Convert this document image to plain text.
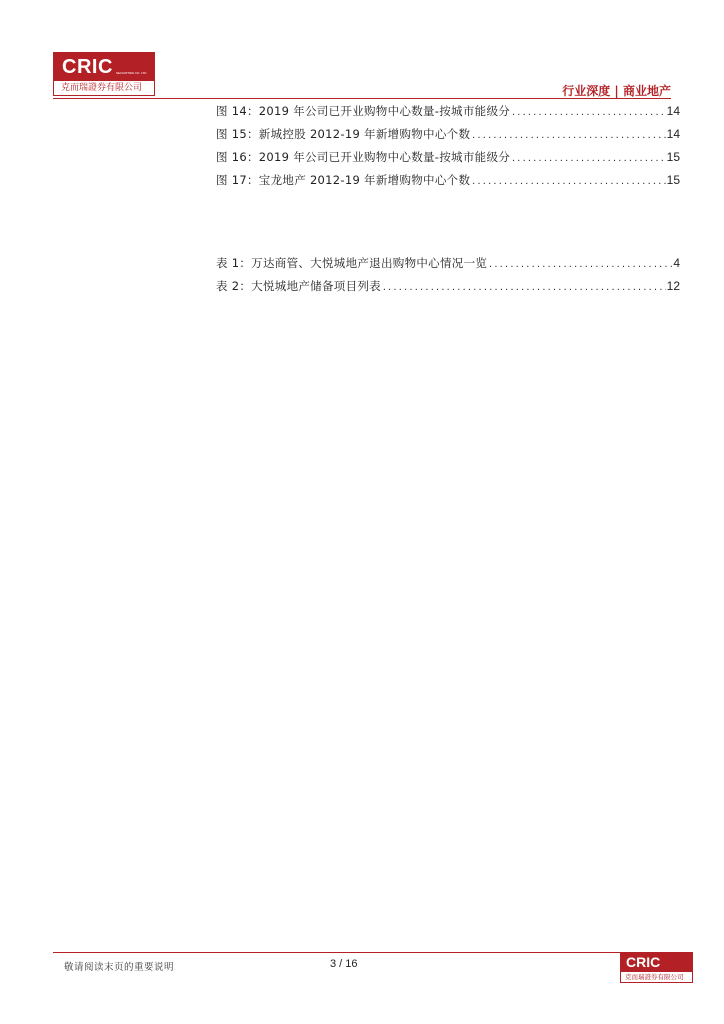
CRIC SECURITIES CO. LTD
克而瑞證券有限公司	行业深度 | 商业地产
图 14：2019 年公司已开业购物中心数量-按城市能级分 .....	14
图 15：新城控股 2012-19 年新增购物中心个数 .....	14
图 16：2019 年公司已开业购物中心数量-按城市能级分 .....	15
图 17：宝龙地产 2012-19 年新增购物中心个数 .....	15
表 1：万达商管、大悦城地产退出购物中心情况一览 .....	4
表 2：大悦城地产储备项目列表 .....	12
敬请阅读末页的重要说明	3 / 16	CRIC
克而瑞證券有限公司
